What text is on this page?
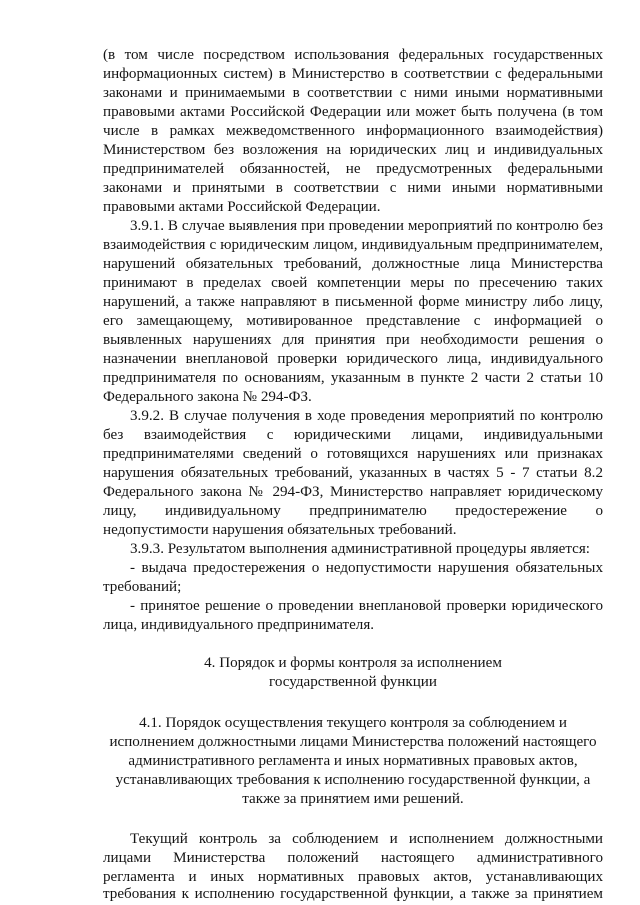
(в том числе посредством использования федеральных государственных
информационных систем) в Министерство в соответствии с федеральными
законами и принимаемыми в соответствии с ними иными нормативными
правовыми актами Российской Федерации или может быть получена (в том
числе в рамках межведомственного информационного взаимодействия)
Министерством без возложения на юридических лиц и индивидуальных
предпринимателей обязанностей, не предусмотренных федеральными
законами и принятыми в соответствии с ними иными нормативными
правовыми актами Российской Федерации.
3.9.1. В случае выявления при проведении мероприятий по контролю без
взаимодействия с юридическим лицом, индивидуальным предпринимателем,
нарушений обязательных требований, должностные лица Министерства
принимают в пределах своей компетенции меры по пресечению таких
нарушений, а также направляют в письменной форме министру либо лицу,
его замещающему, мотивированное представление с информацией о
выявленных нарушениях для принятия при необходимости решения о
назначении внеплановой проверки юридического лица, индивидуального
предпринимателя по основаниям, указанным в пункте 2 части 2 статьи 10
Федерального закона № 294-ФЗ.
3.9.2. В случае получения в ходе проведения мероприятий по контролю
без взаимодействия с юридическими лицами, индивидуальными
предпринимателями сведений о готовящихся нарушениях или признаках
нарушения обязательных требований, указанных в частях 5 - 7 статьи 8.2
Федерального закона № 294-ФЗ, Министерство направляет юридическому
лицу, индивидуальному предпринимателю предостережение о
недопустимости нарушения обязательных требований.
3.9.3. Результатом выполнения административной процедуры является:
- выдача предостережения о недопустимости нарушения обязательных
требований;
- принятое решение о проведении внеплановой проверки юридического
лица, индивидуального предпринимателя.
4. Порядок и формы контроля за исполнением
государственной функции
4.1. Порядок осуществления текущего контроля за соблюдением и
исполнением должностными лицами Министерства положений настоящего
административного регламента и иных нормативных правовых актов,
устанавливающих требования к исполнению государственной функции, а
также за принятием ими решений.
Текущий контроль за соблюдением и исполнением должностными
лицами Министерства положений настоящего административного
регламента и иных нормативных правовых актов, устанавливающих
требования к исполнению государственной функции, а также за принятием
